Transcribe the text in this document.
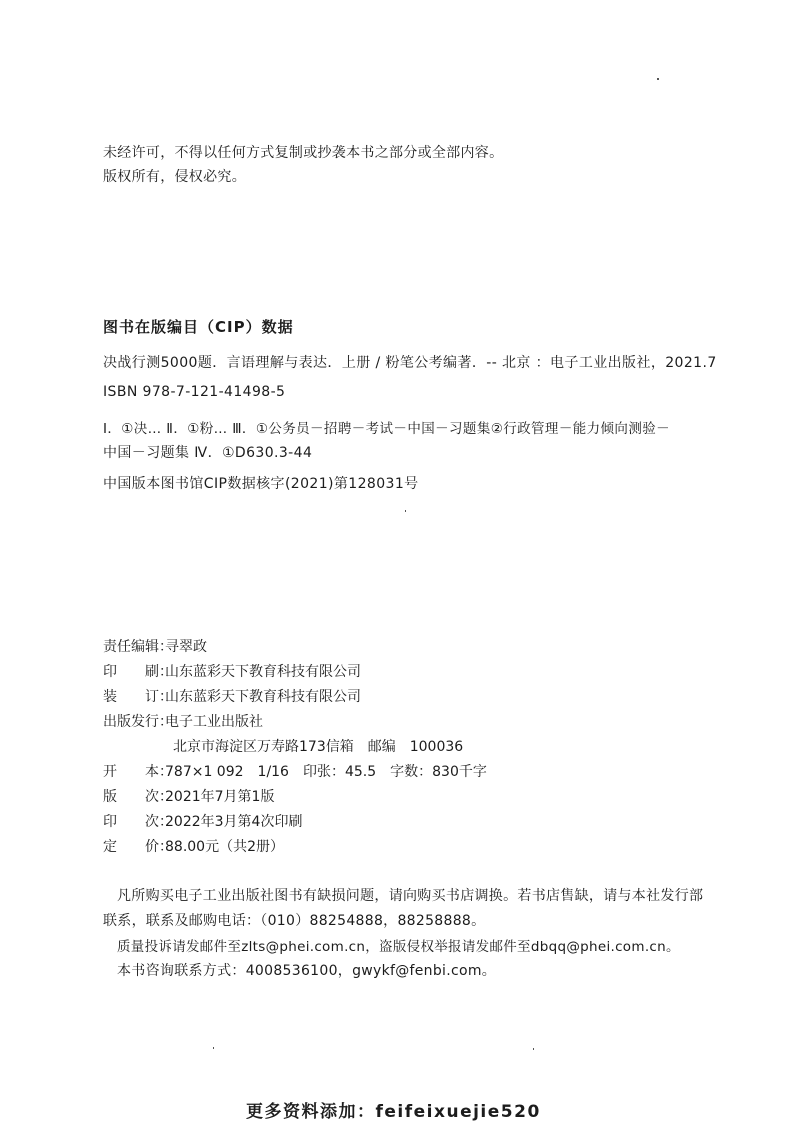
未经许可，不得以任何方式复制或抄袭本书之部分或全部内容。
版权所有，侵权必究。
图书在版编目（CIP）数据
决战行测5000题．言语理解与表达．上册 / 粉笔公考编著．-- 北京 ：电子工业出版社，2021.7
ISBN 978-7-121-41498-5
Ⅰ．①决… Ⅱ．①粉… Ⅲ．①公务员－招聘－考试－中国－习题集②行政管理－能力倾向测验－
中国－习题集 Ⅳ．①D630.3-44
中国版本图书馆CIP数据核字(2021)第128031号
责任编辑：寻翠政
印　　刷：山东蓝彩天下教育科技有限公司
装　　订：山东蓝彩天下教育科技有限公司
出版发行：电子工业出版社
北京市海淀区万寿路173信箱　邮编　100036
开　　本：787×1 092　1/16　印张：45.5　字数：830千字
版　　次：2021年7月第1版
印　　次：2022年3月第4次印刷
定　　价：88.00元（共2册）
凡所购买电子工业出版社图书有缺损问题，请向购买书店调换。若书店售缺，请与本社发行部
联系，联系及邮购电话：（010）88254888，88258888。
质量投诉请发邮件至zlts@phei.com.cn，盗版侵权举报请发邮件至dbqq@phei.com.cn。
本书咨询联系方式：4008536100，gwykf@fenbi.com。
更多资料添加：feifeixuejie520
